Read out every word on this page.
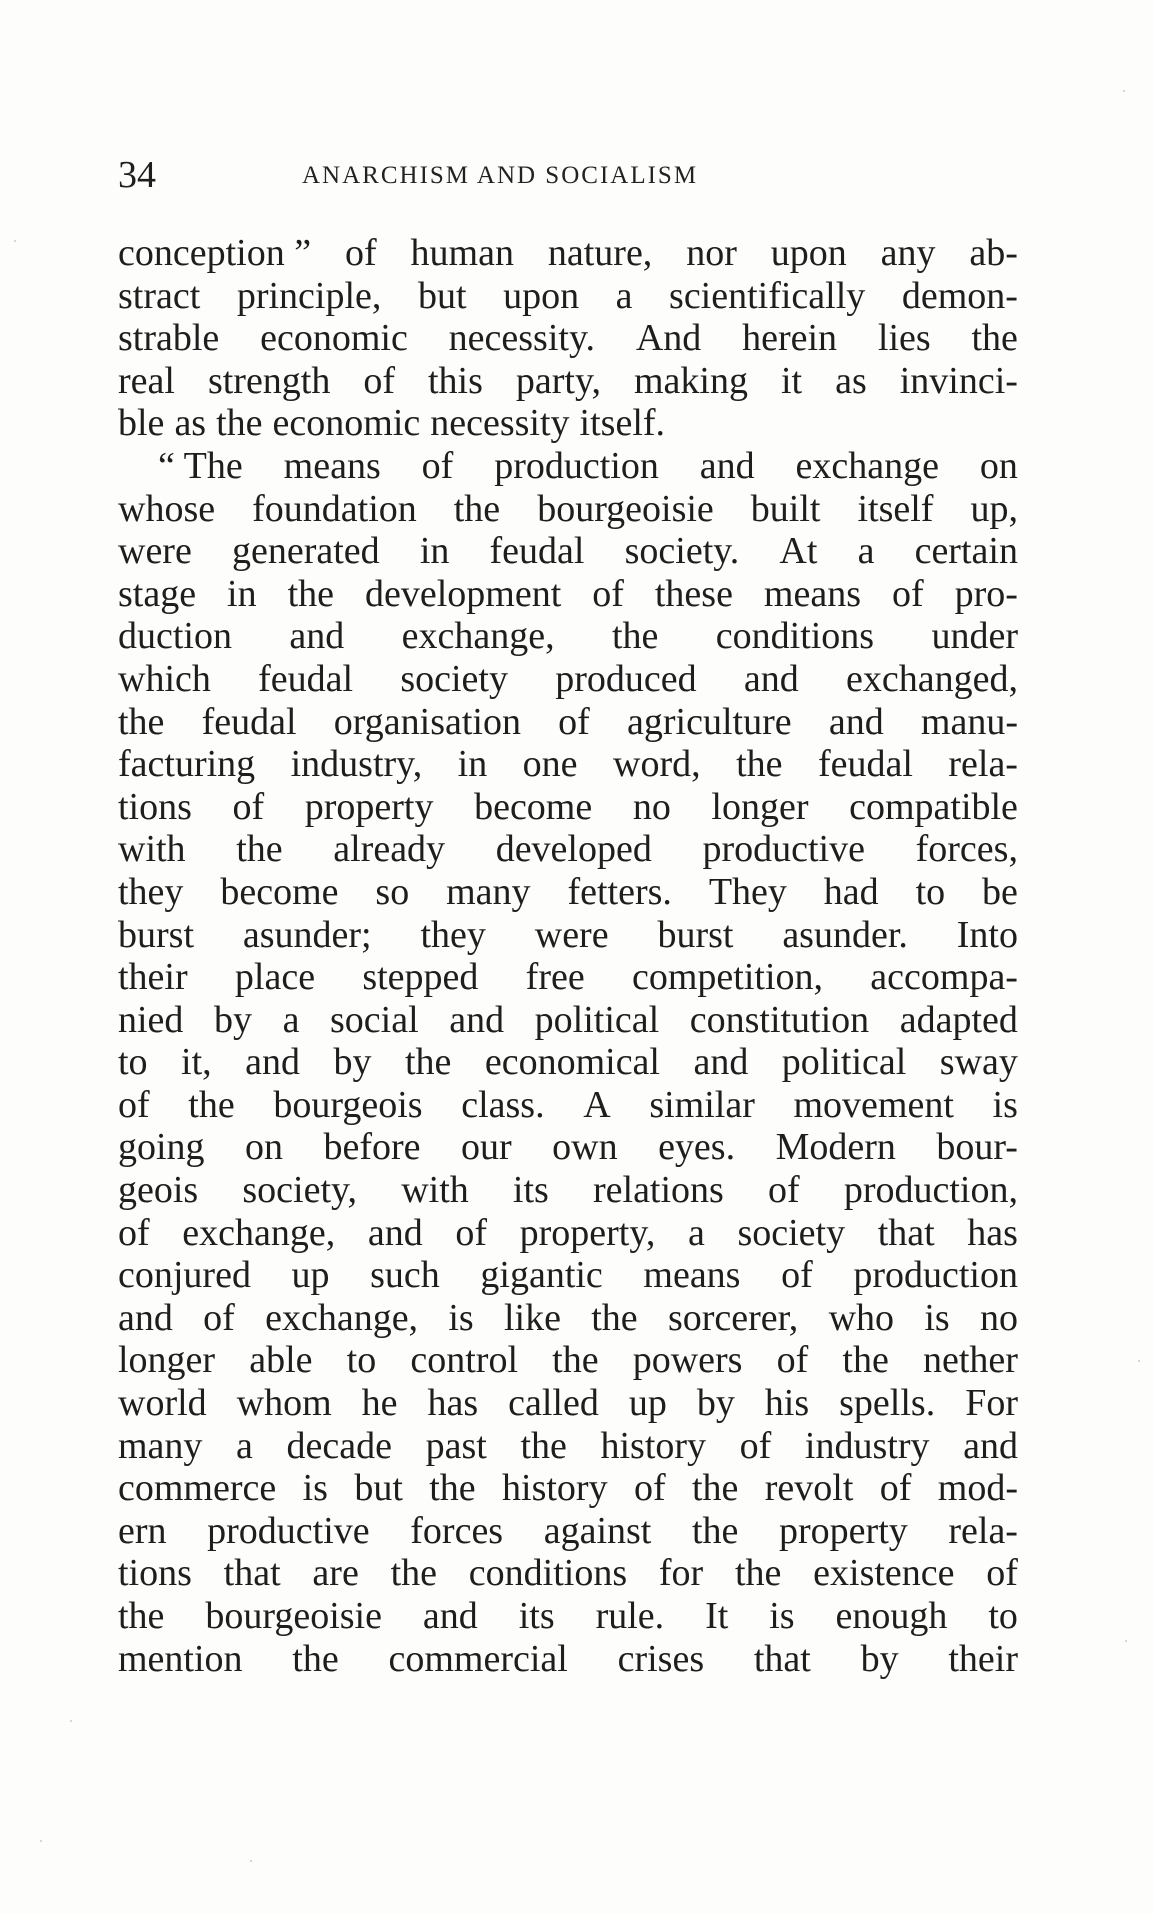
34	ANARCHISM AND SOCIALISM
conception ” of human nature, nor upon any ab-
stract principle, but upon a scientifically demon-
strable economic necessity. And herein lies the
real strength of this party, making it as invinci-
ble as the economic necessity itself.
“ The means of production and exchange on
whose foundation the bourgeoisie built itself up,
were generated in feudal society. At a certain
stage in the development of these means of pro-
duction and exchange, the conditions under
which feudal society produced and exchanged,
the feudal organisation of agriculture and manu-
facturing industry, in one word, the feudal rela-
tions of property become no longer compatible
with the already developed productive forces,
they become so many fetters. They had to be
burst asunder; they were burst asunder. Into
their place stepped free competition, accompa-
nied by a social and political constitution adapted
to it, and by the economical and political sway
of the bourgeois class. A similar movement is
going on before our own eyes. Modern bour-
geois society, with its relations of production,
of exchange, and of property, a society that has
conjured up such gigantic means of production
and of exchange, is like the sorcerer, who is no
longer able to control the powers of the nether
world whom he has called up by his spells. For
many a decade past the history of industry and
commerce is but the history of the revolt of mod-
ern productive forces against the property rela-
tions that are the conditions for the existence of
the bourgeoisie and its rule. It is enough to
mention the commercial crises that by their
